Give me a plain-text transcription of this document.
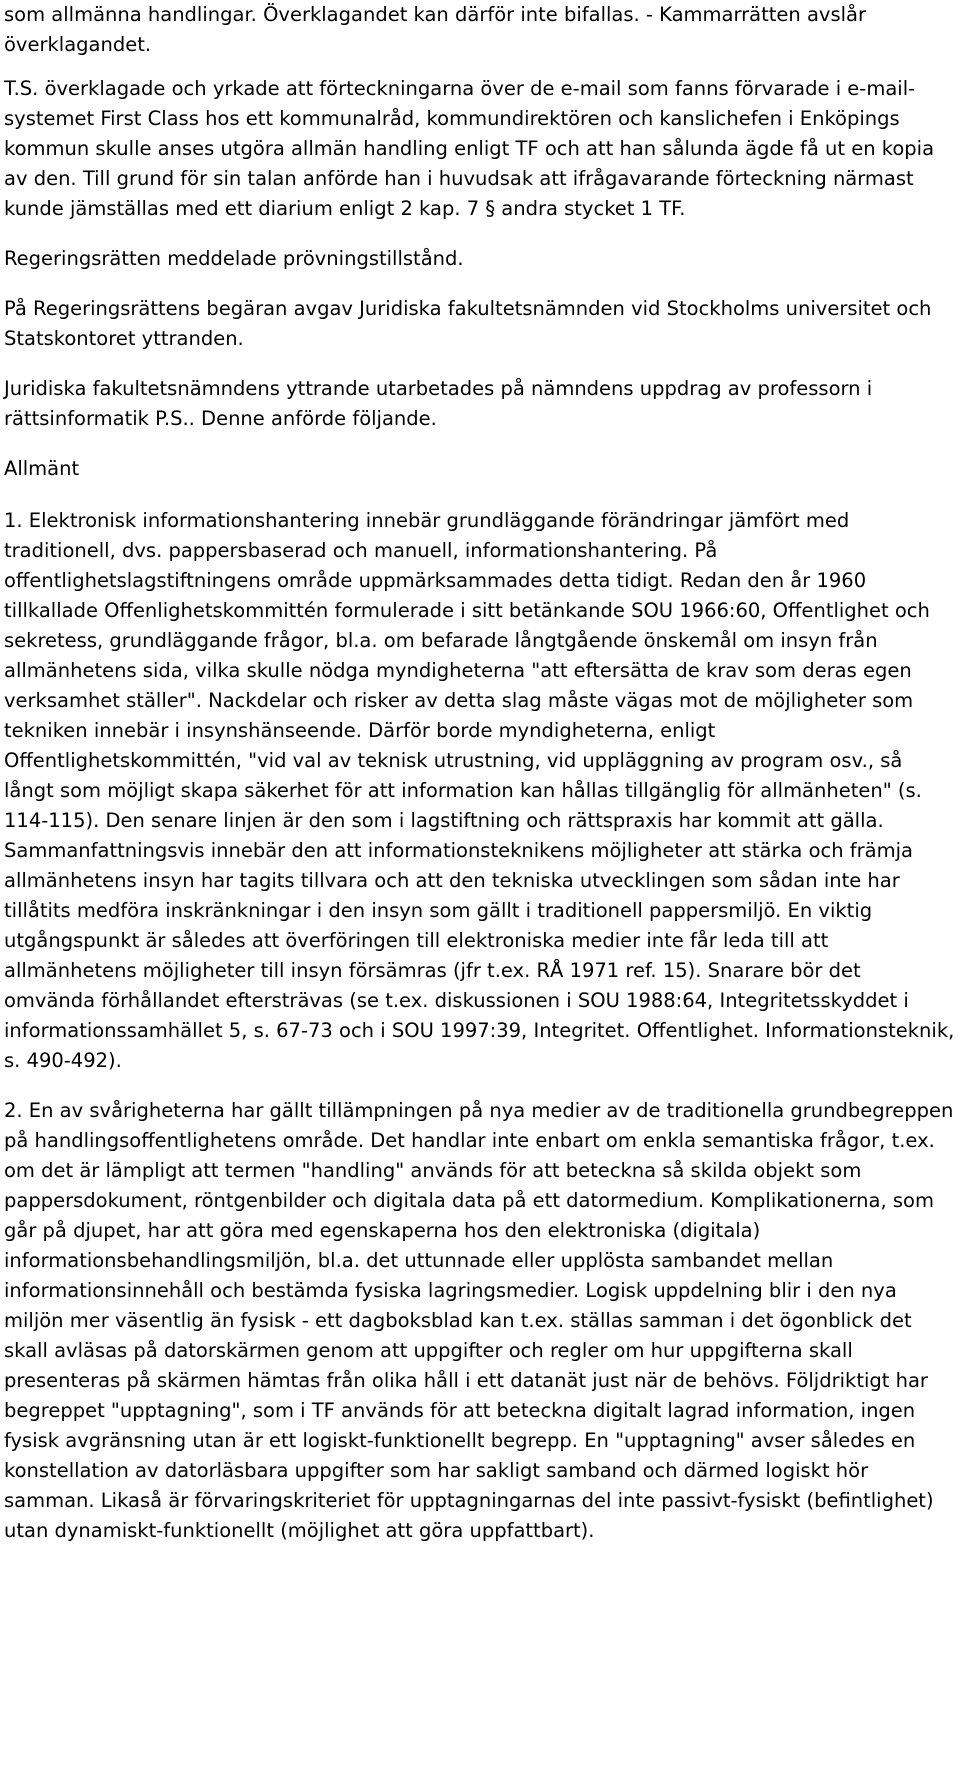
som allmänna handlingar. Överklagandet kan därför inte bifallas. - Kammarrätten avslår överklagandet.

T.S. överklagade och yrkade att förteckningarna över de e-mail som fanns förvarade i e-mail-systemet First Class hos ett kommunalråd, kommundirektören och kanslichefen i Enköpings kommun skulle anses utgöra allmän handling enligt TF och att han sålunda ägde få ut en kopia av den. Till grund för sin talan anförde han i huvudsak att ifrågavarande förteckning närmast kunde jämställas med ett diarium enligt 2 kap. 7 § andra stycket 1 TF.

Regeringsrätten meddelade prövningstillstånd.

På Regeringsrättens begäran avgav Juridiska fakultetsnämnden vid Stockholms universitet och Statskontoret yttranden.

Juridiska fakultetsnämndens yttrande utarbetades på nämndens uppdrag av professorn i rättsinformatik P.S.. Denne anförde följande.

Allmänt

1. Elektronisk informationshantering innebär grundläggande förändringar jämfört med traditionell, dvs. pappersbaserad och manuell, informationshantering. På offentlighetslagstiftningens område uppmärksammades detta tidigt. Redan den år 1960 tillkallade Offenlighetskommittén formulerade i sitt betänkande SOU 1966:60, Offentlighet och sekretess, grundläggande frågor, bl.a. om befarade långtgående önskemål om insyn från allmänhetens sida, vilka skulle nödga myndigheterna "att eftersätta de krav som deras egen verksamhet ställer". Nackdelar och risker av detta slag måste vägas mot de möjligheter som tekniken innebär i insynshänseende. Därför borde myndigheterna, enligt Offentlighetskommittén, "vid val av teknisk utrustning, vid uppläggning av program osv., så långt som möjligt skapa säkerhet för att information kan hållas tillgänglig för allmänheten" (s. 114-115). Den senare linjen är den som i lagstiftning och rättspraxis har kommit att gälla. Sammanfattningsvis innebär den att informationsteknikens möjligheter att stärka och främja allmänhetens insyn har tagits tillvara och att den tekniska utvecklingen som sådan inte har tillåtits medföra inskränkningar i den insyn som gällt i traditionell pappersmiljö. En viktig utgångspunkt är således att överföringen till elektroniska medier inte får leda till att allmänhetens möjligheter till insyn försämras (jfr t.ex. RÅ 1971 ref. 15). Snarare bör det omvända förhållandet eftersträvas (se t.ex. diskussionen i SOU 1988:64, Integritetsskyddet i informationssamhället 5, s. 67-73 och i SOU 1997:39, Integritet. Offentlighet. Informationsteknik, s. 490-492).

2. En av svårigheterna har gällt tillämpningen på nya medier av de traditionella grundbegreppen på handlingsoffentlighetens område. Det handlar inte enbart om enkla semantiska frågor, t.ex. om det är lämpligt att termen "handling" används för att beteckna så skilda objekt som pappersdokument, röntgenbilder och digitala data på ett datormedium. Komplikationerna, som går på djupet, har att göra med egenskaperna hos den elektroniska (digitala) informationsbehandlingsmiljön, bl.a. det uttunnade eller upplösta sambandet mellan informationsinnehåll och bestämda fysiska lagringsmedier. Logisk uppdelning blir i den nya miljön mer väsentlig än fysisk - ett dagboksblad kan t.ex. ställas samman i det ögonblick det skall avläsas på datorskärmen genom att uppgifter och regler om hur uppgifterna skall presenteras på skärmen hämtas från olika håll i ett datanät just när de behövs. Följdriktigt har begreppet "upptagning", som i TF används för att beteckna digitalt lagrad information, ingen fysisk avgränsning utan är ett logiskt-funktionellt begrepp. En "upptagning" avser således en konstellation av datorläsbara uppgifter som har sakligt samband och därmed logiskt hör samman. Likaså är förvaringskriteriet för upptagningarnas del inte passivt-fysiskt (befintlighet) utan dynamiskt-funktionellt (möjlighet att göra uppfattbart).
